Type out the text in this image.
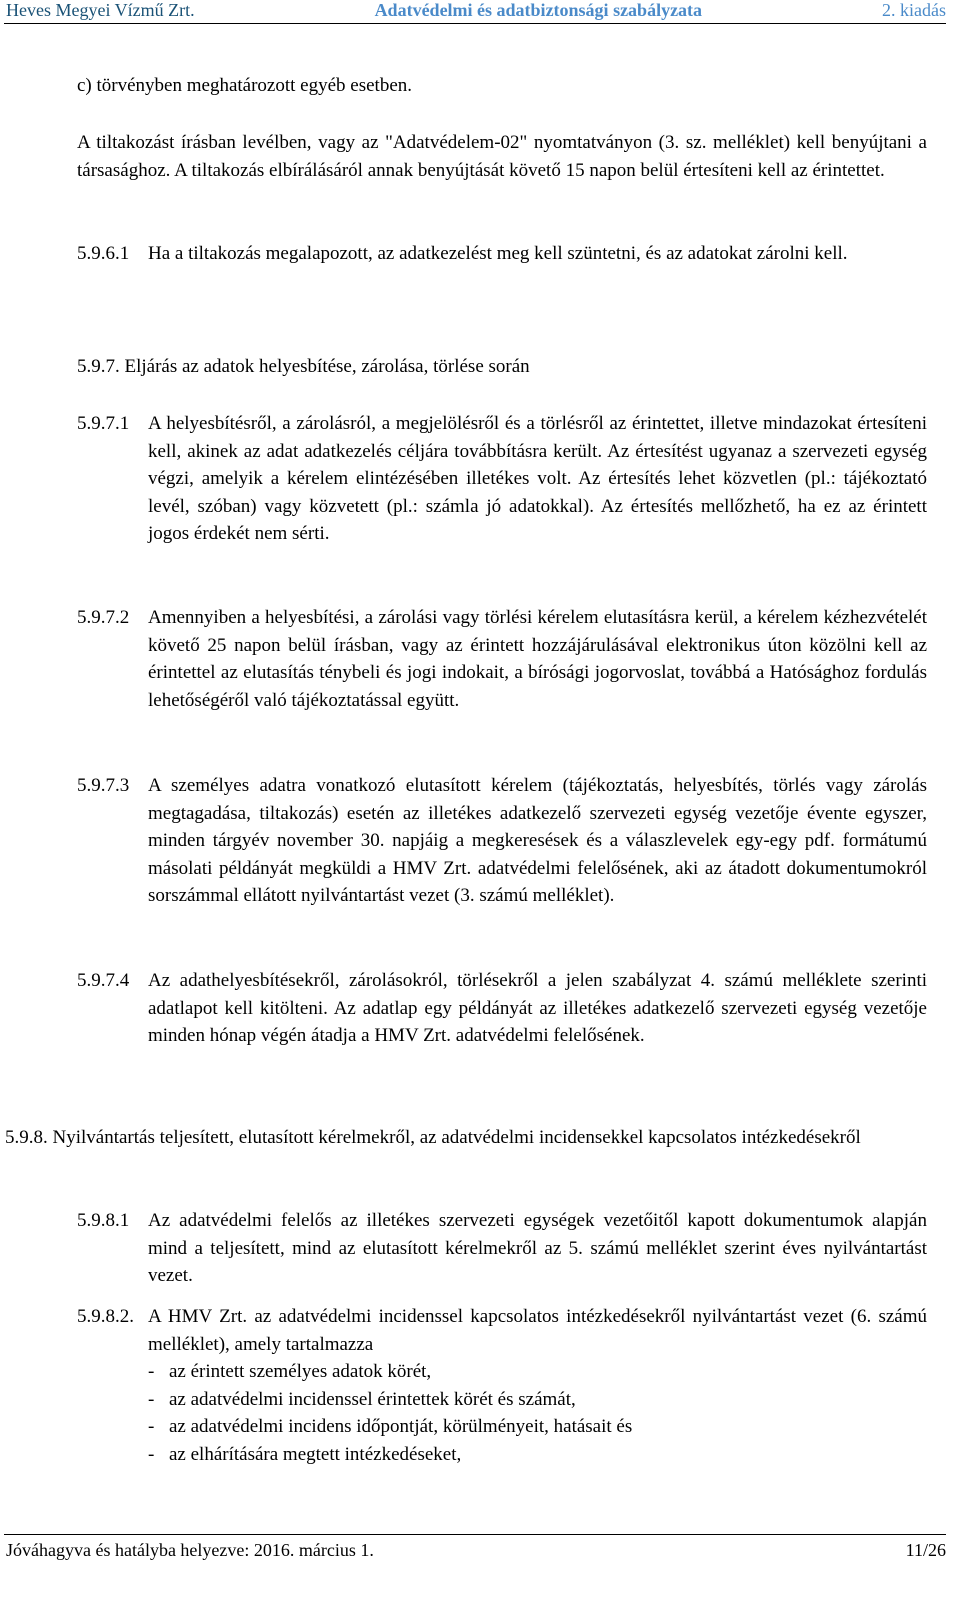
Heves Megyei Vízmű Zrt.	Adatvédelmi és adatbiztonsági szabályzata	2. kiadás
c) törvényben meghatározott egyéb esetben.
A tiltakozást írásban levélben, vagy az "Adatvédelem-02" nyomtatványon (3. sz. melléklet) kell benyújtani a társasághoz. A tiltakozás elbírálásáról annak benyújtását követő 15 napon belül értesíteni kell az érintettet.
5.9.6.1 Ha a tiltakozás megalapozott, az adatkezelést meg kell szüntetni, és az adatokat zárolni kell.
5.9.7. Eljárás az adatok helyesbítése, zárolása, törlése során
5.9.7.1 A helyesbítésről, a zárolásról, a megjelölésről és a törlésről az érintettet, illetve mindazokat értesíteni kell, akinek az adat adatkezelés céljára továbbításra került. Az értesítést ugyanaz a szervezeti egység végzi, amelyik a kérelem elintézésében illetékes volt. Az értesítés lehet közvetlen (pl.: tájékoztató levél, szóban) vagy közvetett (pl.: számla jó adatokkal). Az értesítés mellőzhető, ha ez az érintett jogos érdekét nem sérti.
5.9.7.2 Amennyiben a helyesbítési, a zárolási vagy törlési kérelem elutasításra kerül, a kérelem kézhezvételét követő 25 napon belül írásban, vagy az érintett hozzájárulásával elektronikus úton közölni kell az érintettel az elutasítás ténybeli és jogi indokait, a bírósági jogorvoslat, továbbá a Hatósághoz fordulás lehetőségéről való tájékoztatással együtt.
5.9.7.3 A személyes adatra vonatkozó elutasított kérelem (tájékoztatás, helyesbítés, törlés vagy zárolás megtagadása, tiltakozás) esetén az illetékes adatkezelő szervezeti egység vezetője évente egyszer, minden tárgyév november 30. napjáig a megkeresések és a válaszlevelek egy-egy pdf. formátumú másolati példányát megküldi a HMV Zrt. adatvédelmi felelősének, aki az átadott dokumentumokról sorszámmal ellátott nyilvántartást vezet (3. számú melléklet).
5.9.7.4 Az adathelyesbítésekről, zárolásokról, törlésekről a jelen szabályzat 4. számú melléklete szerinti adatlapot kell kitölteni. Az adatlap egy példányát az illetékes adatkezelő szervezeti egység vezetője minden hónap végén átadja a HMV Zrt. adatvédelmi felelősének.
5.9.8. Nyilvántartás teljesített, elutasított kérelmekről, az adatvédelmi incidensekkel kapcsolatos intézkedésekről
5.9.8.1 Az adatvédelmi felelős az illetékes szervezeti egységek vezetőitől kapott dokumentumok alapján mind a teljesített, mind az elutasított kérelmekről az 5. számú melléklet szerint éves nyilvántartást vezet.
5.9.8.2. A HMV Zrt. az adatvédelmi incidenssel kapcsolatos intézkedésekről nyilvántartást vezet (6. számú melléklet), amely tartalmazza
- az érintett személyes adatok körét,
- az adatvédelmi incidenssel érintettek körét és számát,
- az adatvédelmi incidens időpontját, körülményeit, hatásait és
- az elhárítására megtett intézkedéseket,
Jóváhagyva és hatályba helyezve: 2016. március 1.	11/26
